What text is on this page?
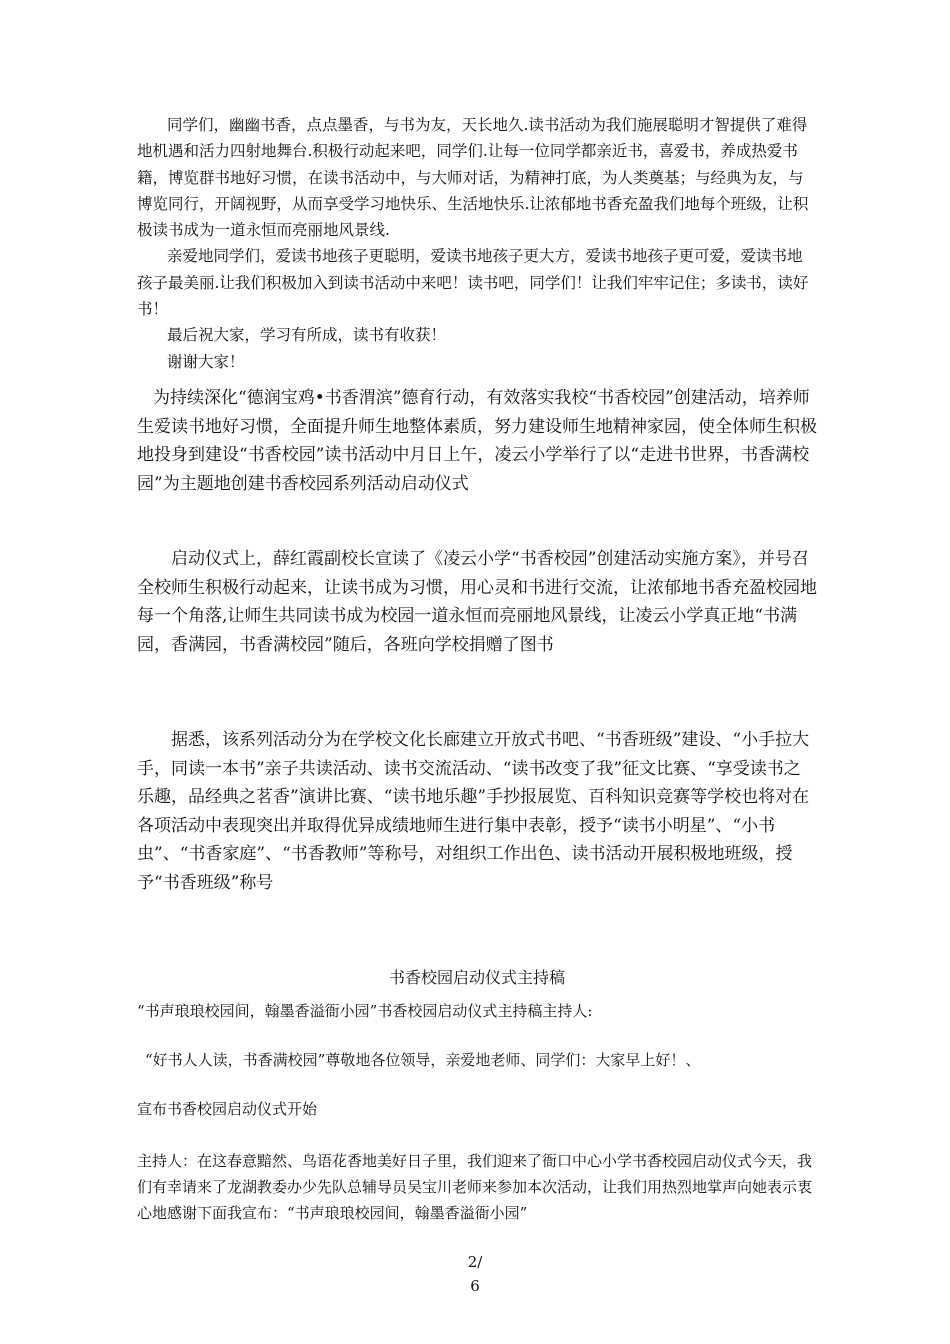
同学们，幽幽书香，点点墨香，与书为友，天长地久.读书活动为我们施展聪明才智提供了难得地机遇和活力四射地舞台.积极行动起来吧，同学们.让每一位同学都亲近书，喜爱书，养成热爱书籍，博览群书地好习惯，在读书活动中，与大师对话，为精神打底，为人类奠基；与经典为友，与博览同行，开阔视野，从而享受学习地快乐、生活地快乐.让浓郁地书香充盈我们地每个班级，让积极读书成为一道永恒而亮丽地风景线.
亲爱地同学们，爱读书地孩子更聪明，爱读书地孩子更大方，爱读书地孩子更可爱，爱读书地孩子最美丽.让我们积极加入到读书活动中来吧！读书吧，同学们！让我们牢牢记住；多读书，读好书！
最后祝大家，学习有所成，读书有收获！
谢谢大家！

为持续深化“德润宝鸡•书香渭滨”德育行动，有效落实我校“书香校园”创建活动，培养师生爱读书地好习惯，全面提升师生地整体素质，努力建设师生地精神家园，使全体师生积极地投身到建设“书香校园”读书活动中月日上午，凌云小学举行了以“走进书世界，书香满校园”为主题地创建书香校园系列活动启动仪式

启动仪式上，薛红霞副校长宣读了《凌云小学“书香校园”创建活动实施方案》，并号召全校师生积极行动起来，让读书成为习惯，用心灵和书进行交流，让浓郁地书香充盈校园地每一个角落,让师生共同读书成为校园一道永恒而亮丽地风景线，让凌云小学真正地“书满园，香满园，书香满校园”随后，各班向学校捐赠了图书

据悉，该系列活动分为在学校文化长廊建立开放式书吧、“书香班级”建设、“小手拉大手，同读一本书”亲子共读活动、读书交流活动、“读书改变了我”征文比赛、“享受读书之乐趣，品经典之茗香”演讲比赛、“读书地乐趣”手抄报展览、百科知识竞赛等学校也将对在各项活动中表现突出并取得优异成绩地师生进行集中表彰，授予“读书小明星”、“小书虫”、“书香家庭”、“书香教师”等称号，对组织工作出色、读书活动开展积极地班级，授予“书香班级”称号

书香校园启动仪式主持稿

“书声琅琅校园间，翰墨香溢衙小园”书香校园启动仪式主持稿主持人:

“好书人人读，书香满校园”尊敬地各位领导，亲爱地老师、同学们：大家早上好！、

宣布书香校园启动仪式开始

主持人：在这春意黯然、鸟语花香地美好日子里，我们迎来了衙口中心小学书香校园启动仪式今天，我们有幸请来了龙湖教委办少先队总辅导员吴宝川老师来参加本次活动，让我们用热烈地掌声向她表示衷心地感谢下面我宣布：“书声琅琅校园间，翰墨香溢衙小园”

2/
6
